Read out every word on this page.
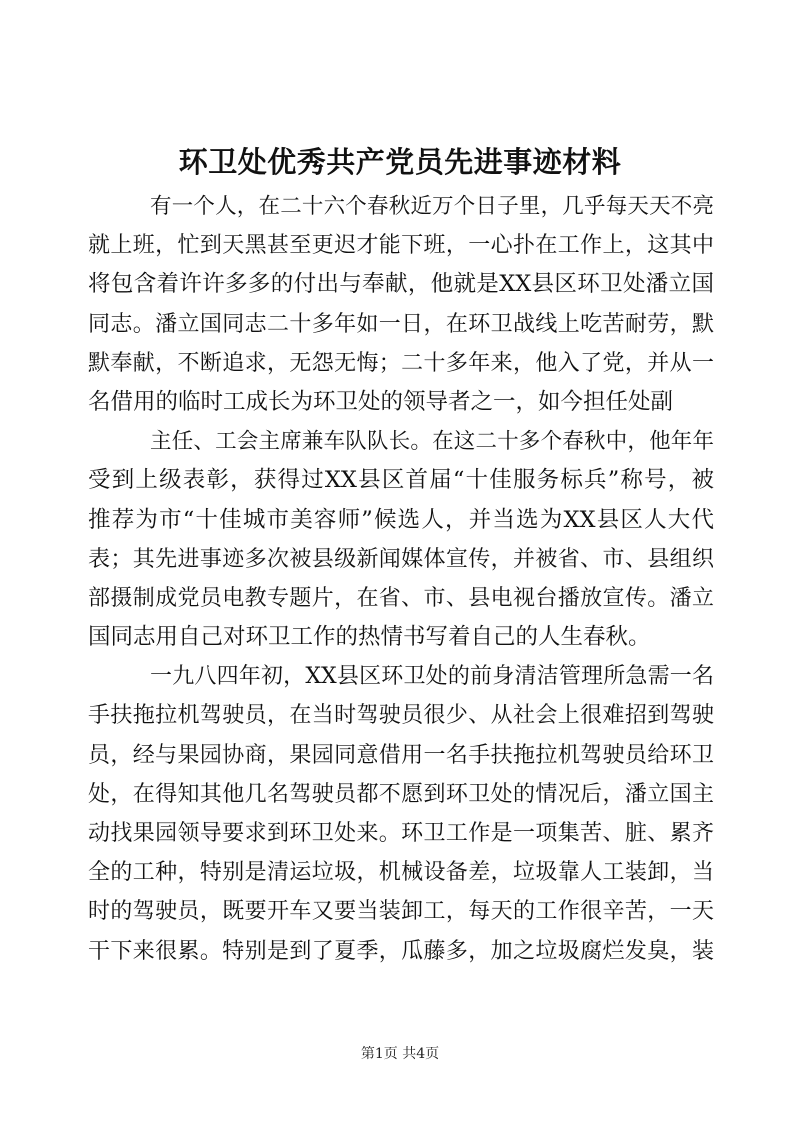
环卫处优秀共产党员先进事迹材料
有一个人，在二十六个春秋近万个日子里，几乎每天天不亮
就上班，忙到天黑甚至更迟才能下班，一心扑在工作上，这其中
将包含着许许多多的付出与奉献，他就是XX县区环卫处潘立国
同志。潘立国同志二十多年如一日，在环卫战线上吃苦耐劳，默
默奉献，不断追求，无怨无悔；二十多年来，他入了党，并从一
名借用的临时工成长为环卫处的领导者之一，如今担任处副
主任、工会主席兼车队队长。在这二十多个春秋中，他年年
受到上级表彰，获得过XX县区首届“十佳服务标兵”称号，被
推荐为市“十佳城市美容师”候选人，并当选为XX县区人大代
表；其先进事迹多次被县级新闻媒体宣传，并被省、市、县组织
部摄制成党员电教专题片，在省、市、县电视台播放宣传。潘立
国同志用自己对环卫工作的热情书写着自己的人生春秋。
一九八四年初，XX县区环卫处的前身清洁管理所急需一名
手扶拖拉机驾驶员，在当时驾驶员很少、从社会上很难招到驾驶
员，经与果园协商，果园同意借用一名手扶拖拉机驾驶员给环卫
处，在得知其他几名驾驶员都不愿到环卫处的情况后，潘立国主
动找果园领导要求到环卫处来。环卫工作是一项集苦、脏、累齐
全的工种，特别是清运垃圾，机械设备差，垃圾靠人工装卸，当
时的驾驶员，既要开车又要当装卸工，每天的工作很辛苦，一天
干下来很累。特别是到了夏季，瓜藤多，加之垃圾腐烂发臭，装
第1页 共4页
